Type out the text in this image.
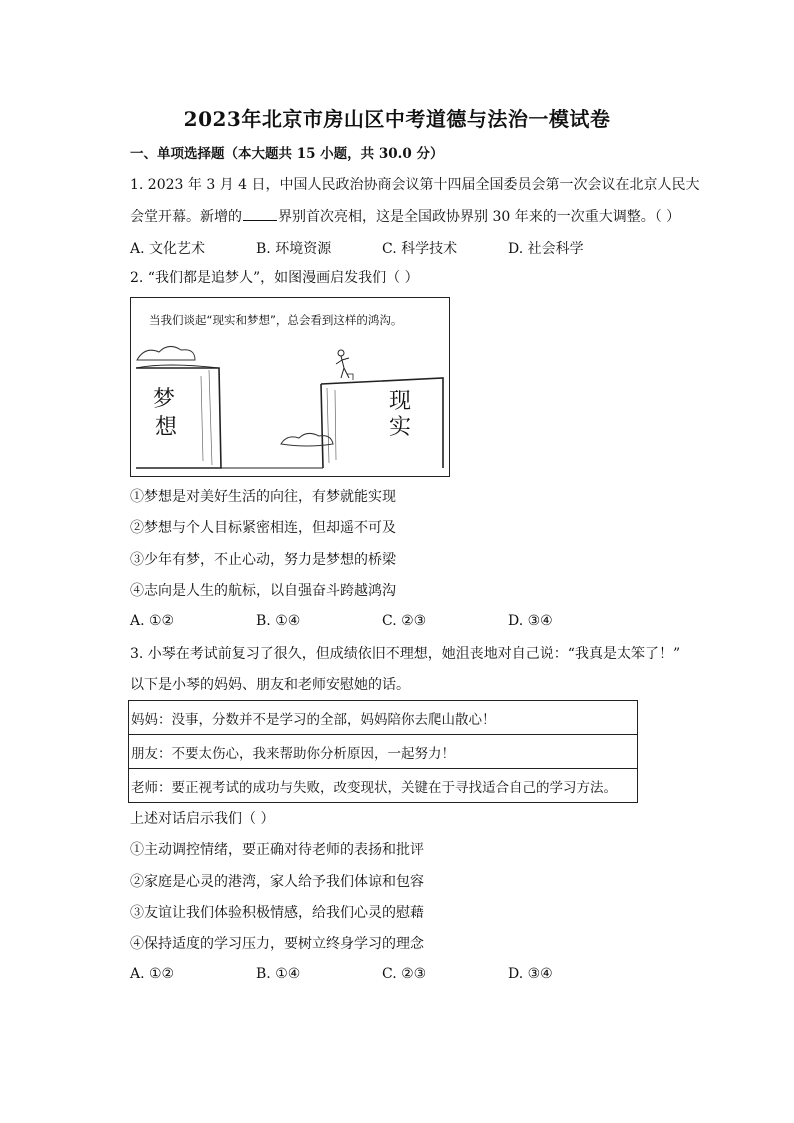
2023年北京市房山区中考道德与法治一模试卷
一、单项选择题（本大题共 15 小题，共 30.0 分）
1. 2023 年 3 月 4 日，中国人民政治协商会议第十四届全国委员会第一次会议在北京人民大
会堂开幕。新增的	界别首次亮相，这是全国政协界别 30 年来的一次重大调整。（ ）
A. 文化艺术	B. 环境资源	C. 科学技术	D. 社会科学
2. “我们都是追梦人”，如图漫画启发我们（ ）
当我们谈起“现实和梦想”，总会看到这样的鸿沟。
梦
想
现
实
①梦想是对美好生活的向往，有梦就能实现
②梦想与个人目标紧密相连，但却遥不可及
③少年有梦，不止心动，努力是梦想的桥梁
④志向是人生的航标，以自强奋斗跨越鸿沟
A. ①②	B. ①④	C. ②③	D. ③④
3. 小琴在考试前复习了很久，但成绩依旧不理想，她沮丧地对自己说：“我真是太笨了！”
以下是小琴的妈妈、朋友和老师安慰她的话。
妈妈：没事，分数并不是学习的全部，妈妈陪你去爬山散心！
朋友：不要太伤心，我来帮助你分析原因，一起努力！
老师：要正视考试的成功与失败，改变现状，关键在于寻找适合自己的学习方法。
上述对话启示我们（ ）
①主动调控情绪，要正确对待老师的表扬和批评
②家庭是心灵的港湾，家人给予我们体谅和包容
③友谊让我们体验积极情感，给我们心灵的慰藉
④保持适度的学习压力，要树立终身学习的理念
A. ①②	B. ①④	C. ②③	D. ③④
